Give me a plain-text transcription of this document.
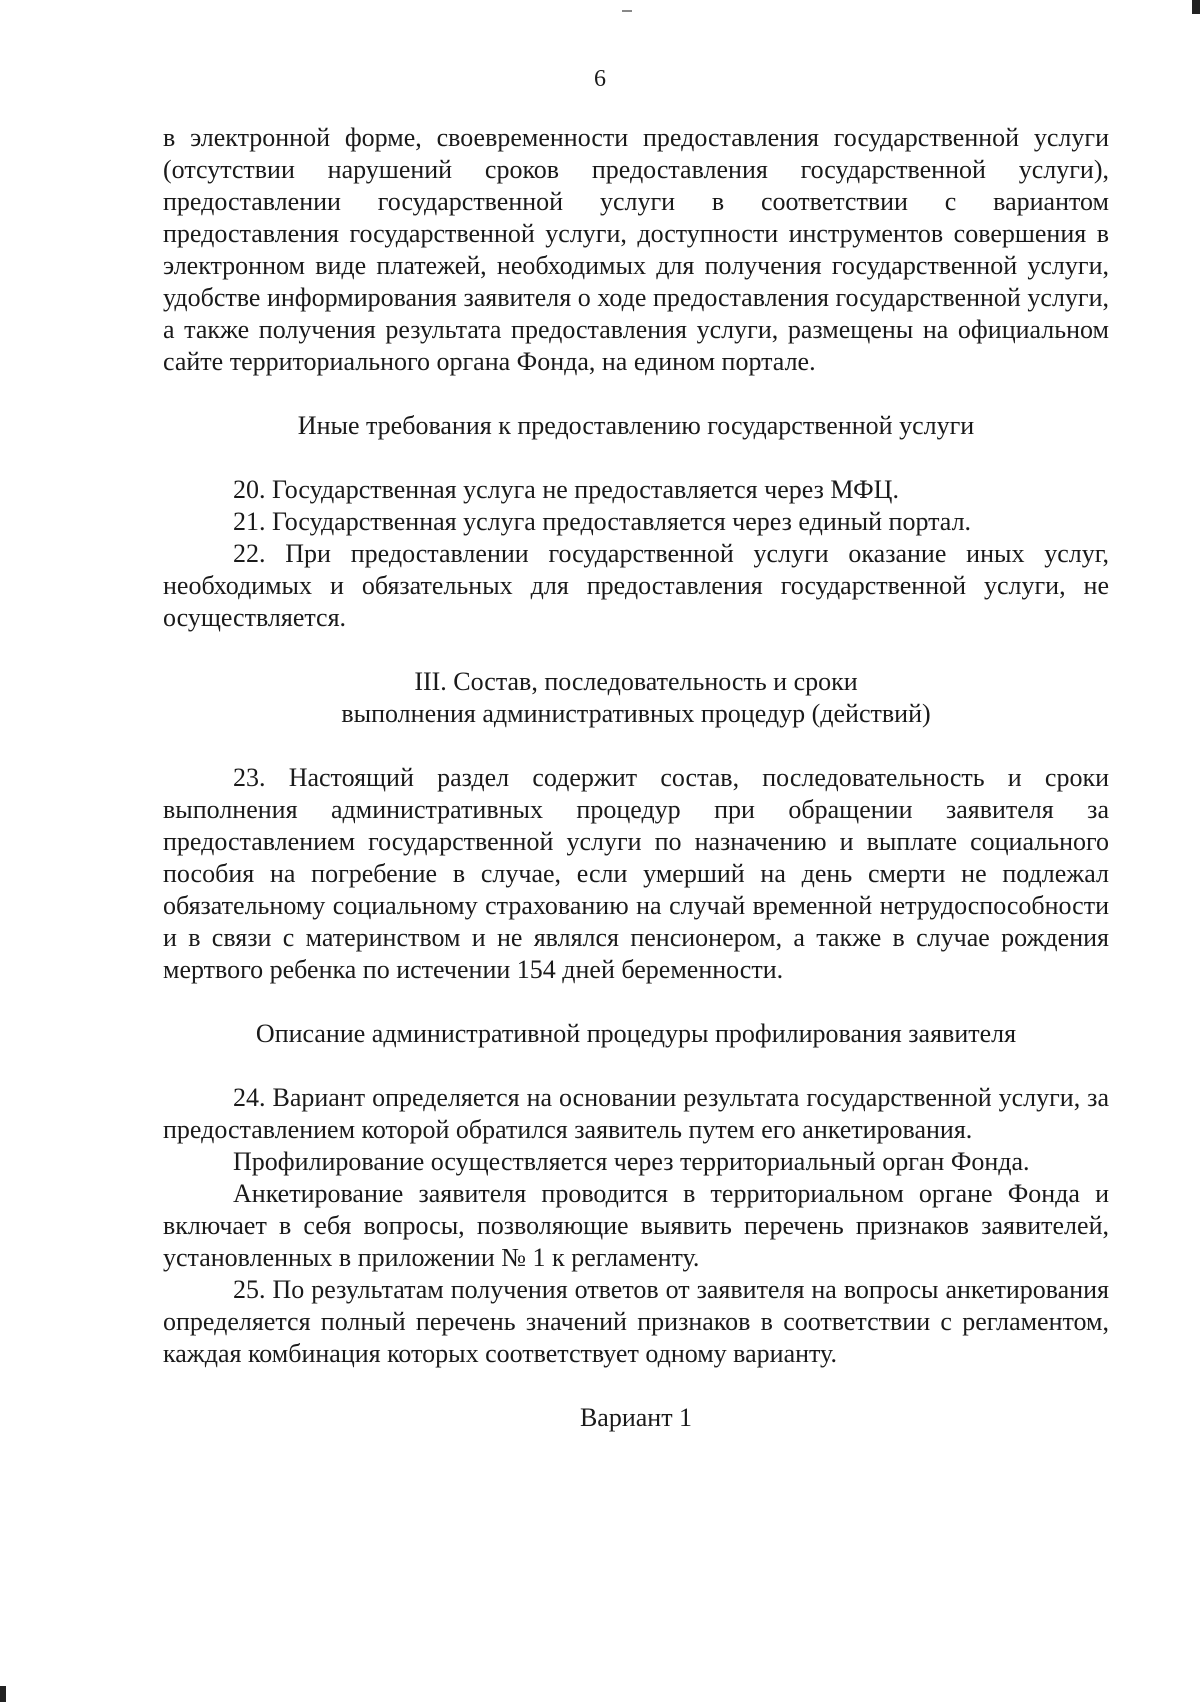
6

в электронной форме, своевременности предоставления государственной услуги (отсутствии нарушений сроков предоставления государственной услуги), предоставлении государственной услуги в соответствии с вариантом предоставления государственной услуги, доступности инструментов совершения в электронном виде платежей, необходимых для получения государственной услуги, удобстве информирования заявителя о ходе предоставления государственной услуги, а также получения результата предоставления услуги, размещены на официальном сайте территориального органа Фонда, на едином портале.

Иные требования к предоставлению государственной услуги

20. Государственная услуга не предоставляется через МФЦ.

21. Государственная услуга предоставляется через единый портал.

22. При предоставлении государственной услуги оказание иных услуг, необходимых и обязательных для предоставления государственной услуги, не осуществляется.

III. Состав, последовательность и сроки

выполнения административных процедур (действий)

23. Настоящий раздел содержит состав, последовательность и сроки выполнения административных процедур при обращении заявителя за предоставлением государственной услуги по назначению и выплате социального пособия на погребение в случае, если умерший на день смерти не подлежал обязательному социальному страхованию на случай временной нетрудоспособности и в связи с материнством и не являлся пенсионером, а также в случае рождения мертвого ребенка по истечении 154 дней беременности.

Описание административной процедуры профилирования заявителя

24. Вариант определяется на основании результата государственной услуги, за предоставлением которой обратился заявитель путем его анкетирования.

Профилирование осуществляется через территориальный орган Фонда.

Анкетирование заявителя проводится в территориальном органе Фонда и включает в себя вопросы, позволяющие выявить перечень признаков заявителей, установленных в приложении № 1 к регламенту.

25. По результатам получения ответов от заявителя на вопросы анкетирования определяется полный перечень значений признаков в соответствии с регламентом, каждая комбинация которых соответствует одному варианту.

Вариант 1
